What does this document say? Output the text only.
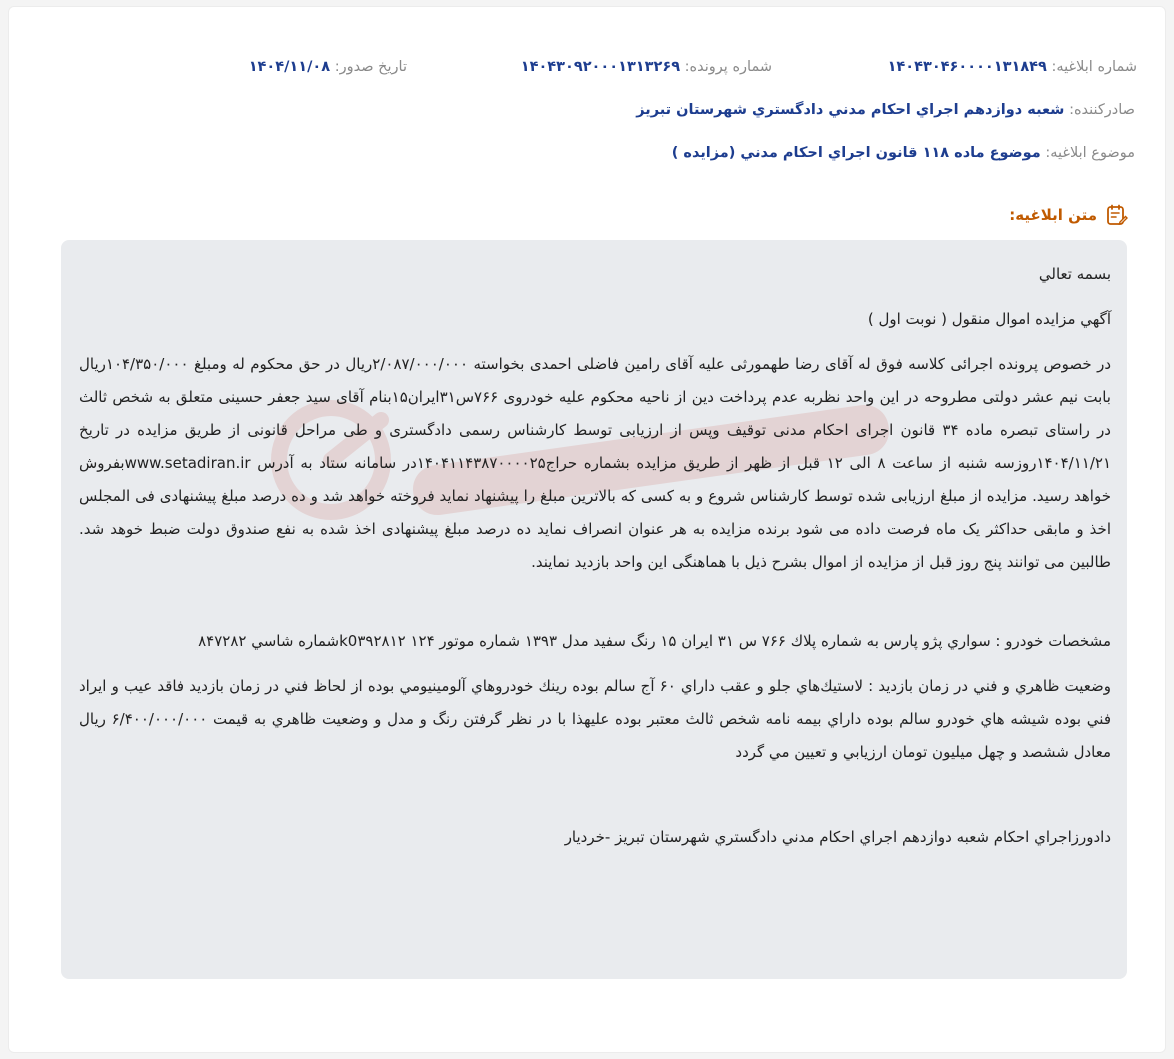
شماره ابلاغيه: ۱۴۰۴۳۰۴۶۰۰۰۰۱۳۱۸۴۹
شماره پرونده: ۱۴۰۴۳۰۹۲۰۰۰۱۳۱۳۲۶۹
تاريخ صدور: ۱۴۰۴/۱۱/۰۸
صادركننده: شعبه دوازدهم اجراي احكام مدني دادگستري شهرستان تبريز
موضوع ابلاغيه: موضوع ماده ۱۱۸ قانون اجراي احكام مدني (مزايده )
متن ابلاغيه:

بسمه تعالي

آگهي مزايده اموال منقول ( نوبت اول )

در خصوص پرونده اجرائی کلاسه فوق له آقای رضا طهمورثی علیه آقای رامین فاضلی احمدی بخواسته ۲/۰۸۷/۰۰۰/۰۰۰ریال در حق محکوم له ومبلغ ۱۰۴/۳۵۰/۰۰۰ریال بابت نیم عشر دولتی مطروحه در این واحد نظربه عدم پرداخت دین از ناحیه محکوم علیه خودروی ۷۶۶س۳۱ایران۱۵بنام آقای سید جعفر حسینی متعلق به شخص ثالث در راستای تبصره ماده ۳۴ قانون اجرای احکام مدنی توقیف وپس از ارزیابی توسط کارشناس رسمی دادگستری و طی مراحل قانونی از طریق مزایده در تاریخ ۱۴۰۴/۱۱/۲۱روزسه شنبه از ساعت ۸ الی ۱۲ قبل از ظهر از طریق مزایده بشماره حراج۱۴۰۴۱۱۴۳۸۷۰۰۰۰۲۵در سامانه ستاد به آدرس www.setadiran.irبفروش خواهد رسید. مزایده از مبلغ ارزیابی شده توسط کارشناس شروع و به کسی که بالاترین مبلغ را پیشنهاد نماید فروخته خواهد شد و ده درصد مبلغ پیشنهادی فی المجلس اخذ و مابقی حداکثر یک ماه فرصت داده می شود برنده مزایده به هر عنوان انصراف نماید ده درصد مبلغ پیشنهادی اخذ شده به نفع صندوق دولت ضبط خوهد شد. طالبین می توانند پنج روز قبل از مزایده از اموال بشرح ذیل با هماهنگی این واحد بازدید نمایند.

مشخصات خودرو : سواري پژو پارس به شماره پلاك ۷۶۶ س ۳۱ ايران ۱۵ رنگ سفيد مدل ۱۳۹۳ شماره موتور ۱۲۴ k0۳۹۲۸۱۲شماره شاسي ۸۴۷۲۸۲

وضعيت ظاهري و فني در زمان بازديد : لاستيك‌هاي جلو و عقب داراي ۶۰ آج سالم بوده رينك خودروهاي آلومينيومي بوده از لحاظ فني در زمان بازديد فاقد عيب و ايراد فني بوده شيشه هاي خودرو سالم بوده داراي بيمه نامه شخص ثالث معتبر بوده عليهذا با در نظر گرفتن رنگ و مدل و وضعيت ظاهري به قيمت ۶/۴۰۰/۰۰۰/۰۰۰ ريال معادل ششصد و چهل ميليون تومان ارزيابي و تعيين مي گردد

دادورزاجراي احكام شعبه دوازدهم اجراي احكام مدني دادگستري شهرستان تبريز -خرديار
